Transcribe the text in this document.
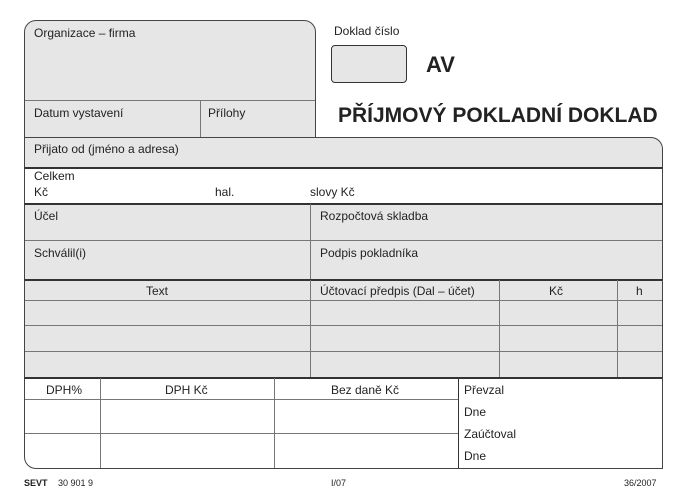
Organizace – firma
Datum vystavení	Přílohy
Doklad číslo
AV
PŘÍJMOVÝ POKLADNÍ DOKLAD
Přijato od (jméno a adresa)
Celkem
Kč	hal.	slovy Kč
Účel	Rozpočtová skladba
Schválil(i)	Podpis pokladníka
Text	Účtovací předpis (Dal – účet)	Kč	h
DPH%	DPH Kč	Bez daně Kč	Převzal
Dne
Zaúčtoval
Dne
SEVT 30 901 9	I/07	36/2007
